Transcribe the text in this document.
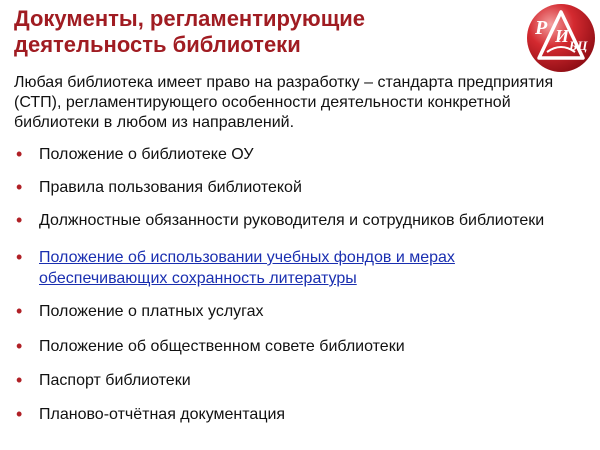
Документы, регламентирующие
деятельность библиотеки
Р И БЦ

Любая библиотека имеет право на разработку – стандарта предприятия (СТП), регламентирующего особенности деятельности конкретной библиотеки в любом из направлений.

• Положение о библиотеке ОУ
• Правила пользования библиотекой
• Должностные обязанности руководителя и сотрудников библиотеки
• Положение об использовании учебных фондов и мерах
обеспечивающих сохранность литературы
• Положение о платных услугах
• Положение об общественном совете библиотеки
• Паспорт библиотеки
• Планово-отчётная документация
